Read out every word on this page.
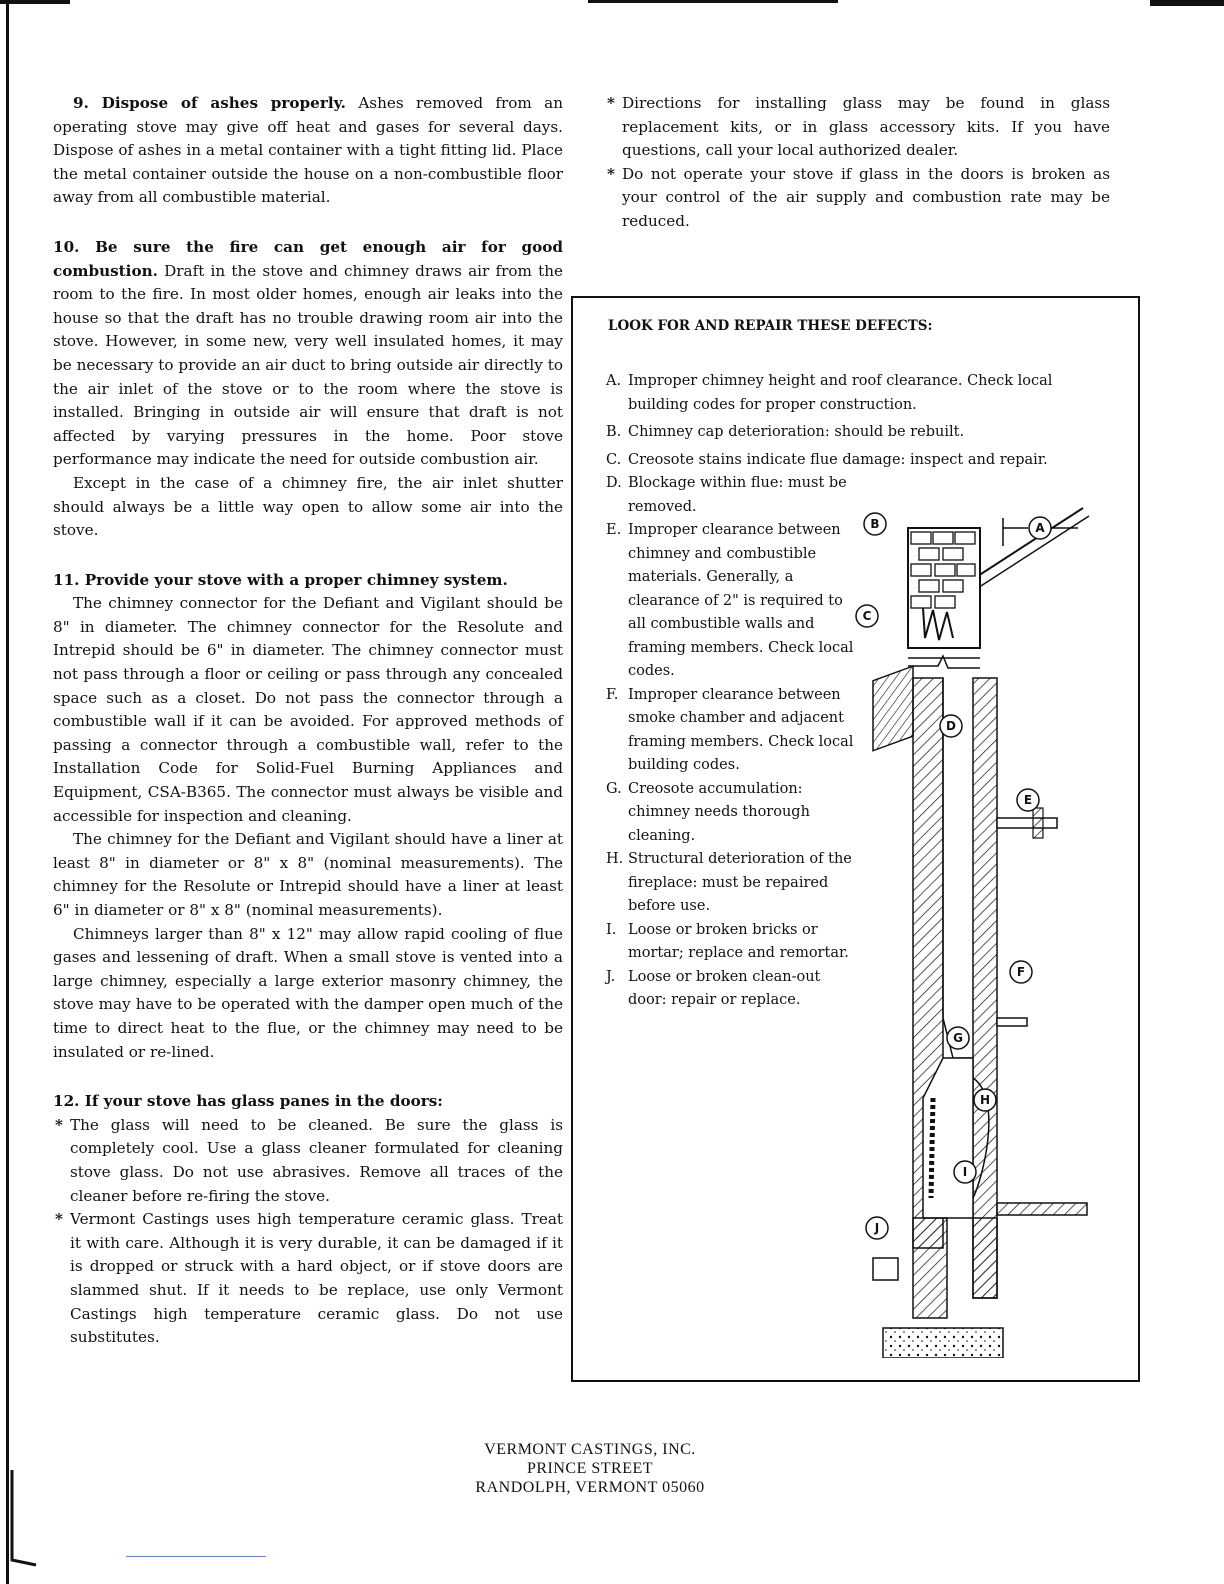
9. Dispose of ashes properly. Ashes removed from an operating stove may give off heat and gases for several days. Dispose of ashes in a metal container with a tight fitting lid. Place the metal container outside the house on a non-combustible floor away from all combustible material.

10. Be sure the fire can get enough air for good combustion. Draft in the stove and chimney draws air from the room to the fire. In most older homes, enough air leaks into the house so that the draft has no trouble drawing room air into the stove. However, in some new, very well insulated homes, it may be necessary to provide an air duct to bring outside air directly to the air inlet of the stove or to the room where the stove is installed. Bringing in outside air will ensure that draft is not affected by varying pressures in the home. Poor stove performance may indicate the need for outside combustion air.

Except in the case of a chimney fire, the air inlet shutter should always be a little way open to allow some air into the stove.

11. Provide your stove with a proper chimney system.

The chimney connector for the Defiant and Vigilant should be 8" in diameter. The chimney connector for the Resolute and Intrepid should be 6" in diameter. The chimney connector must not pass through a floor or ceiling or pass through any concealed space such as a closet. Do not pass the connector through a combustible wall if it can be avoided. For approved methods of passing a connector through a combustible wall, refer to the Installation Code for Solid-Fuel Burning Appliances and Equipment, CSA-B365. The connector must always be visible and accessible for inspection and cleaning.

The chimney for the Defiant and Vigilant should have a liner at least 8" in diameter or 8" x 8" (nominal measurements). The chimney for the Resolute or Intrepid should have a liner at least 6" in diameter or 8" x 8" (nominal measurements).

Chimneys larger than 8" x 12" may allow rapid cooling of flue gases and lessening of draft. When a small stove is vented into a large chimney, especially a large exterior masonry chimney, the stove may have to be operated with the damper open much of the time to direct heat to the flue, or the chimney may need to be insulated or re-lined.

12. If your stove has glass panes in the doors:

* The glass will need to be cleaned. Be sure the glass is completely cool. Use a glass cleaner formulated for cleaning stove glass. Do not use abrasives. Remove all traces of the cleaner before re-firing the stove.
* Vermont Castings uses high temperature ceramic glass. Treat it with care. Although it is very durable, it can be damaged if it is dropped or struck with a hard object, or if stove doors are slammed shut. If it needs to be replace, use only Vermont Castings high temperature ceramic glass. Do not use substitutes.
* Directions for installing glass may be found in glass replacement kits, or in glass accessory kits. If you have questions, call your local authorized dealer.
* Do not operate your stove if glass in the doors is broken as your control of the air supply and combustion rate may be reduced.
LOOK FOR AND REPAIR THESE DEFECTS:
A. Improper chimney height and roof clearance. Check local building codes for proper construction.
B. Chimney cap deterioration: should be rebuilt.
C. Creosote stains indicate flue damage: inspect and repair.
D. Blockage within flue: must be removed.
E. Improper clearance between chimney and combustible materials. Generally, a clearance of 2" is required to all combustible walls and framing members. Check local codes.
F. Improper clearance between smoke chamber and adjacent framing members. Check local building codes.
G. Creosote accumulation: chimney needs thorough cleaning.
H. Structural deterioration of the fireplace: must be repaired before use.
I. Loose or broken bricks or mortar; replace and remortar.
J. Loose or broken clean-out door: repair or replace.
A
B
C
D
E
F
G
H
I
J
VERMONT CASTINGS, INC.
PRINCE STREET
RANDOLPH, VERMONT 05060
